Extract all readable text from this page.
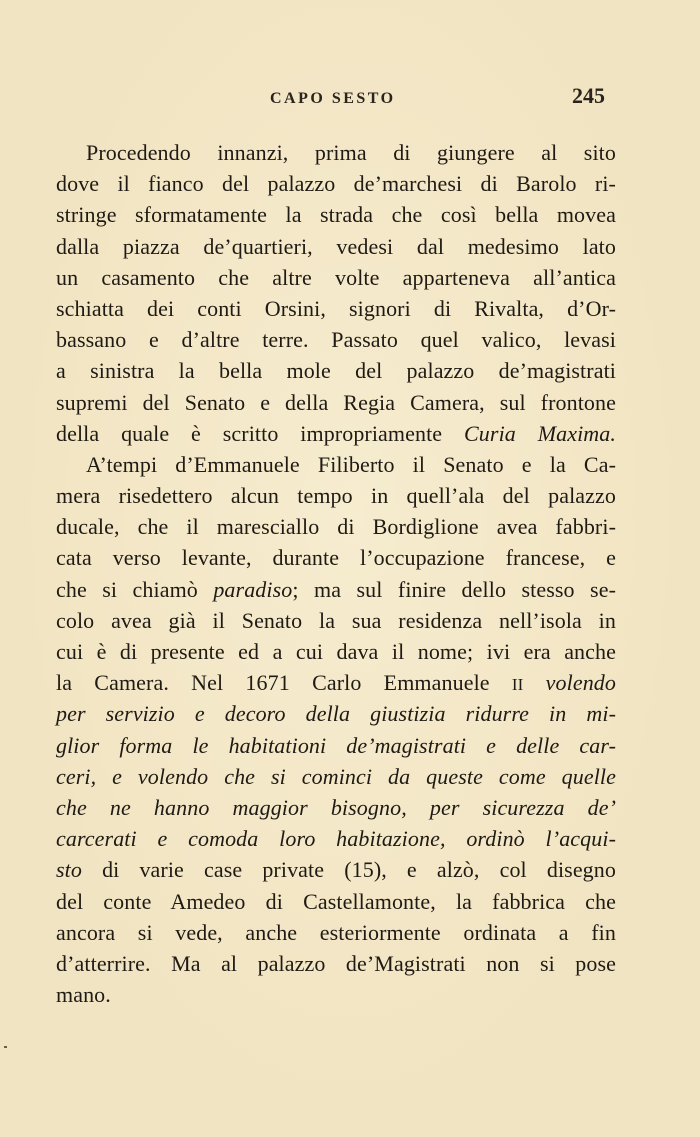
CAPO SESTO	245
Procedendo innanzi, prima di giungere al sito
dove il fianco del palazzo de’marchesi di Barolo ri-
stringe sformatamente la strada che così bella movea
dalla piazza de’quartieri, vedesi dal medesimo lato
un casamento che altre volte apparteneva all’antica
schiatta dei conti Orsini, signori di Rivalta, d’Or-
bassano e d’altre terre. Passato quel valico, levasi
a sinistra la bella mole del palazzo de’magistrati
supremi del Senato e della Regia Camera, sul frontone
della quale è scritto impropriamente Curia Maxima.
A’tempi d’Emmanuele Filiberto il Senato e la Ca-
mera risedettero alcun tempo in quell’ala del palazzo
ducale, che il maresciallo di Bordiglione avea fabbri-
cata verso levante, durante l’occupazione francese, e
che si chiamò paradiso; ma sul finire dello stesso se-
colo avea già il Senato la sua residenza nell’isola in
cui è di presente ed a cui dava il nome; ivi era anche
la Camera. Nel 1671 Carlo Emmanuele II volendo
per servizio e decoro della giustizia ridurre in mi-
glior forma le habitationi de’magistrati e delle car-
ceri, e volendo che si cominci da queste come quelle
che ne hanno maggior bisogno, per sicurezza de’
carcerati e comoda loro habitazione, ordinò l’acqui-
sto di varie case private (15), e alzò, col disegno
del conte Amedeo di Castellamonte, la fabbrica che
ancora si vede, anche esteriormente ordinata a fin
d’atterrire. Ma al palazzo de’Magistrati non si pose
mano.
